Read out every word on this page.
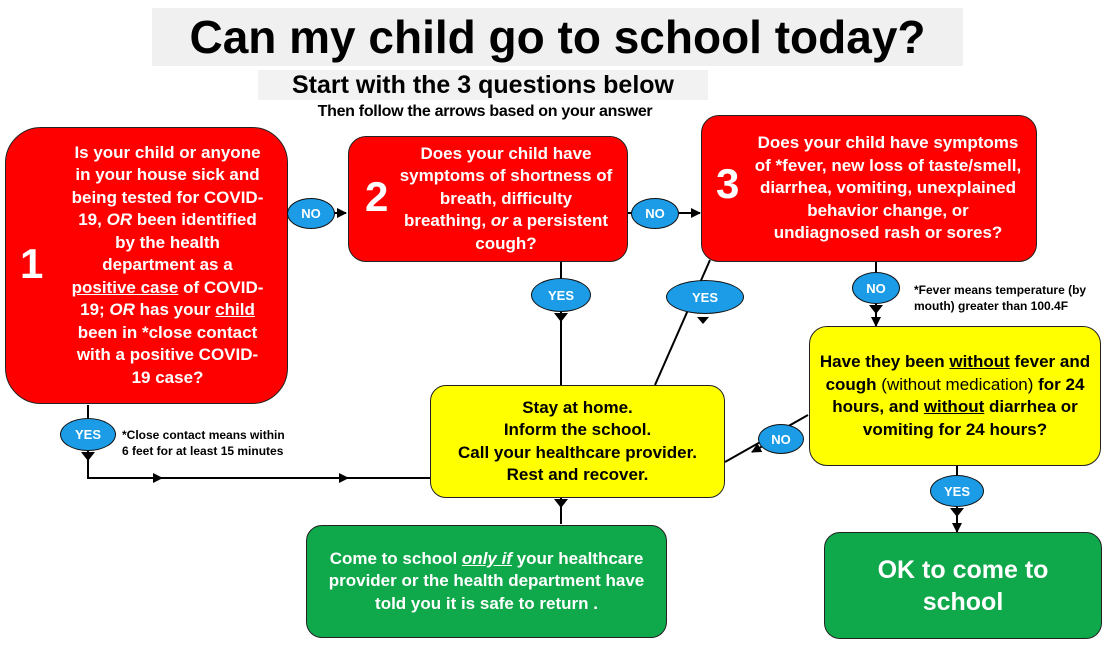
Can my child go to school today?
Start with the 3 questions below
Then follow the arrows based on your answer
1
Is your child or anyone in your house sick and being tested for COVID-19, OR been identified by the health department as a positive case of COVID-19; OR has your child been in *close contact with a positive COVID-19 case?
2
Does your child have symptoms of shortness of breath, difficulty breathing, or a persistent cough?
3
Does your child have symptoms of *fever, new loss of taste/smell, diarrhea, vomiting, unexplained behavior change, or undiagnosed rash or sores?
Have they been without fever and cough (without medication) for 24 hours, and without diarrhea or vomiting for 24 hours?
Stay at home.
Inform the school.
Call your healthcare provider.
Rest and recover.
Come to school only if your healthcare provider or the health department have told you it is safe to return .
OK to come to school
NO	NO
YES	YES
NO
YES	NO
YES
*Close contact means within
6 feet for at least 15 minutes
*Fever means temperature (by mouth) greater than 100.4F
